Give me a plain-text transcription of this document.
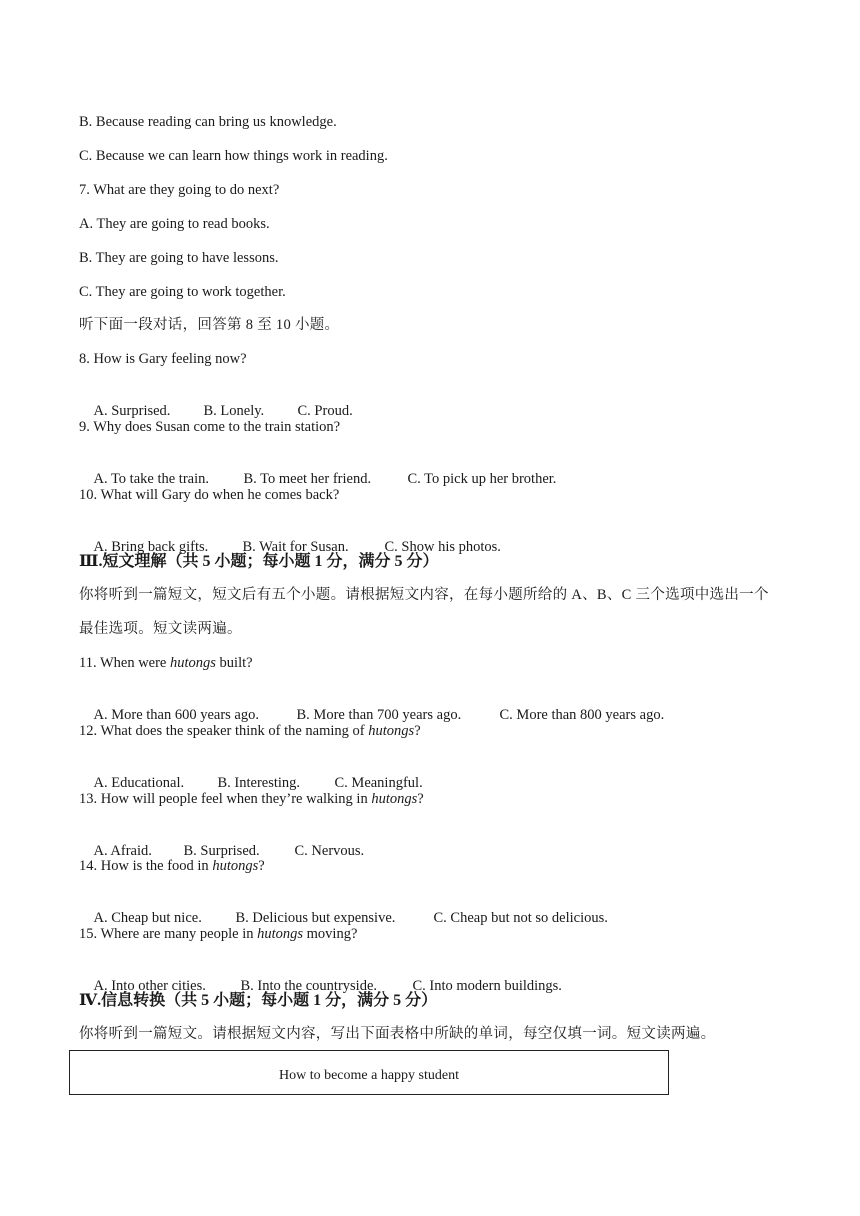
B. Because reading can bring us knowledge.
C. Because we can learn how things work in reading.
7. What are they going to do next?
A. They are going to read books.
B. They are going to have lessons.
C. They are going to work together.
听下面一段对话，回答第 8 至 10 小题。
8. How is Gary feeling now?

A. Surprised. B. Lonely. C. Proud.

9. Why does Susan come to the train station?

A. To take the train. B. To meet her friend.	C. To pick up her brother.

10. What will Gary do when he comes back?

A. Bring back gifts. B. Wait for Susan. C. Show his photos.

Ⅲ.短文理解（共 5 小题；每小题 1 分，满分 5 分）
你将听到一篇短文，短文后有五个小题。请根据短文内容，在每小题所给的 A、B、C 三个选项中选出一个
最佳选项。短文读两遍。
11. When were hutongs built?

A. More than 600 years ago.	B. More than 700 years ago.	C. More than 800 years ago.

12. What does the speaker think of the naming of hutongs?

A. Educational. B. Interesting. C. Meaningful.

13. How will people feel when they’re walking in hutongs?

A. Afraid. B. Surprised. C. Nervous.

14. How is the food in hutongs?

A. Cheap but nice. B. Delicious but expensive.	C. Cheap but not so delicious.

15. Where are many people in hutongs moving?

A. Into other cities. B. Into the countryside. C. Into modern buildings.

Ⅳ.信息转换（共 5 小题；每小题 1 分，满分 5 分）
你将听到一篇短文。请根据短文内容，写出下面表格中所缺的单词，每空仅填一词。短文读两遍。
How to become a happy student
